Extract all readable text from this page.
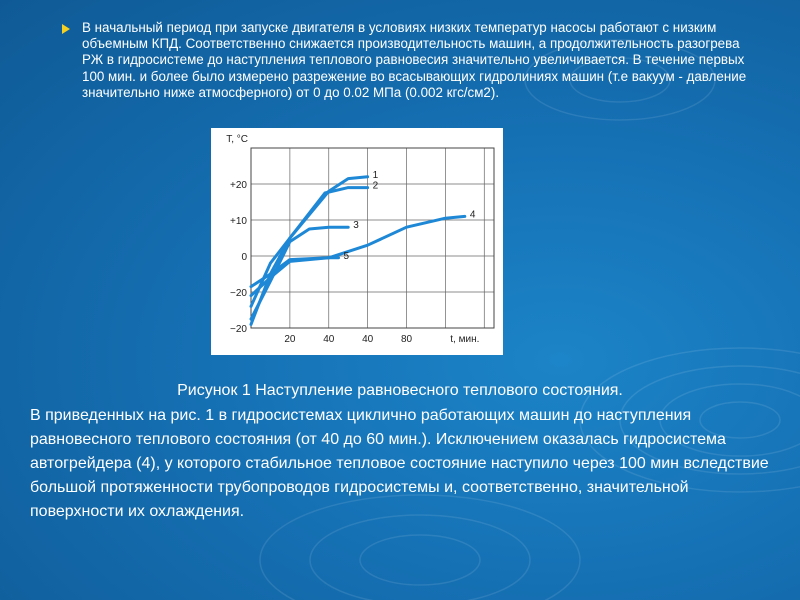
В начальный период при запуске двигателя в условиях низких температур насосы работают с низким объемным КПД. Соответственно снижается производительность машин, а продолжительность разогрева РЖ в гидросистеме до наступления теплового равновесия значительно увеличивается. В течение первых 100 мин. и более было измерено разрежение во всасывающих гидролиниях машин (т.е вакуум - давление значительно ниже атмосферного) от 0 до 0.02 МПа (0.002 кгс/см2).
+20
+10
0
−20
−20
T, °C
20	40	40	80	t, мин.
1
2
3
4
5
Рисунок 1 Наступление равновесного теплового состояния.
В приведенных на рис. 1 в гидросистемах циклично работающих машин до наступления равновесного теплового состояния (от 40 до 60 мин.). Исключением оказалась гидросистема автогрейдера (4), у которого стабильное тепловое состояние наступило через 100 мин вследствие большой протяженности трубопроводов гидросистемы и, соответственно, значительной поверхности их охлаждения.
